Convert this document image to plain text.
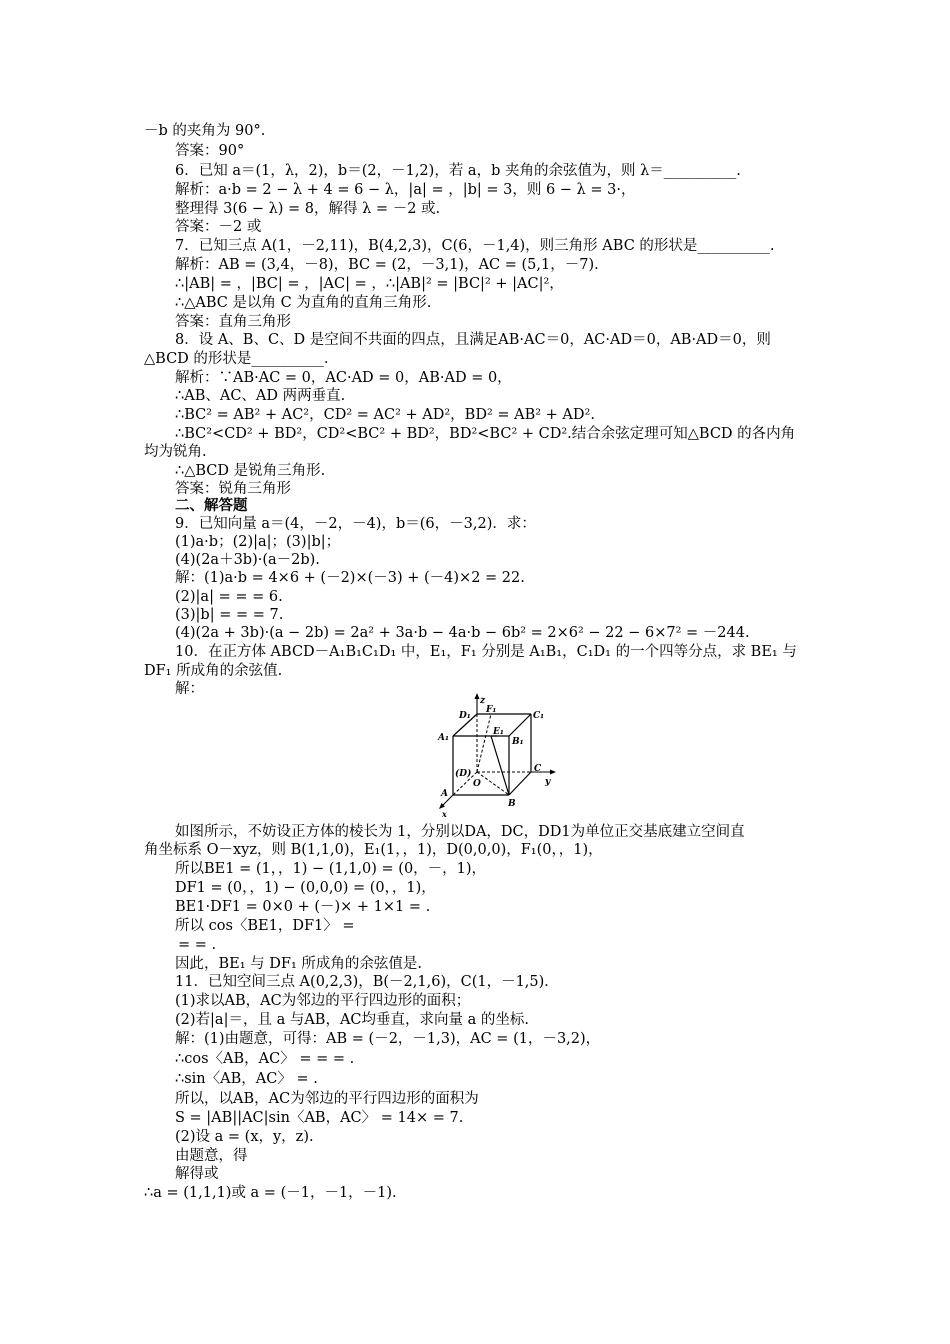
－b 的夹角为 90°.
答案：90°
6．已知 a＝(1，λ，2)，b＝(2，－1,2)，若 a，b 夹角的余弦值为，则 λ＝__________.
解析：a·b = 2 − λ + 4 = 6 − λ，|a| = ，|b| = 3，则 6 − λ = 3·，
整理得 3(6 − λ) = 8，解得 λ = －2 或.
答案：－2 或
7．已知三点 A(1，－2,11)，B(4,2,3)，C(6，－1,4)，则三角形 ABC 的形状是__________.
解析：AB = (3,4，－8)，BC = (2，－3,1)，AC = (5,1，－7).
∴|AB| = ，|BC| = ，|AC| = ，∴|AB|² = |BC|² + |AC|²，
∴△ABC 是以角 C 为直角的直角三角形.
答案：直角三角形
8．设 A、B、C、D 是空间不共面的四点，且满足AB·AC＝0，AC·AD＝0，AB·AD＝0，则
△BCD 的形状是__________.
解析：∵AB·AC = 0，AC·AD = 0，AB·AD = 0，
∴AB、AC、AD 两两垂直.
∴BC² = AB² + AC²，CD² = AC² + AD²，BD² = AB² + AD².
∴BC²<CD² + BD²，CD²<BC² + BD²，BD²<BC² + CD².结合余弦定理可知△BCD 的各内角
均为锐角.
∴△BCD 是锐角三角形.
答案：锐角三角形
二、解答题
9．已知向量 a＝(4，－2，－4)，b＝(6，－3,2)．求：
(1)a·b；(2)|a|；(3)|b|；
(4)(2a＋3b)·(a－2b).
解：(1)a·b = 4×6 + (－2)×(－3) + (－4)×2 = 22.
(2)|a| = = = 6.
(3)|b| = = = 7.
(4)(2a + 3b)·(a − 2b) = 2a² + 3a·b − 4a·b − 6b² = 2×6² − 22 − 6×7² = －244.
10．在正方体 ABCD－A₁B₁C₁D₁ 中，E₁，F₁ 分别是 A₁B₁，C₁D₁ 的一个四等分点，求 BE₁ 与
DF₁ 所成角的余弦值.
解：
z
D₁
F₁
C₁
A₁
E₁
B₁
(D)	C
O	y
A
B
x
如图所示，不妨设正方体的棱长为 1，分别以DA，DC，DD1为单位正交基底建立空间直
角坐标系 O－xyz，则 B(1,1,0)，E₁(1，，1)，D(0,0,0)，F₁(0，，1)，
所以BE1 = (1，，1) − (1,1,0) = (0，－，1)，
DF1 = (0，，1) − (0,0,0) = (0，，1)，
BE1·DF1 = 0×0 + (－)× + 1×1 = .
所以 cos〈BE1，DF1〉 =
= = .
因此，BE₁ 与 DF₁ 所成角的余弦值是.
11．已知空间三点 A(0,2,3)，B(－2,1,6)，C(1，－1,5)．
(1)求以AB，AC为邻边的平行四边形的面积；
(2)若|a|＝，且 a 与AB，AC均垂直，求向量 a 的坐标.
解：(1)由题意，可得：AB = (－2，－1,3)，AC = (1，－3,2)，
∴cos〈AB，AC〉 = = = .
∴sin〈AB，AC〉 = .
所以，以AB，AC为邻边的平行四边形的面积为
S = |AB||AC|sin〈AB，AC〉 = 14× = 7.
(2)设 a = (x，y，z).
由题意，得
解得或
∴a = (1,1,1)或 a = (－1，－1，－1).
